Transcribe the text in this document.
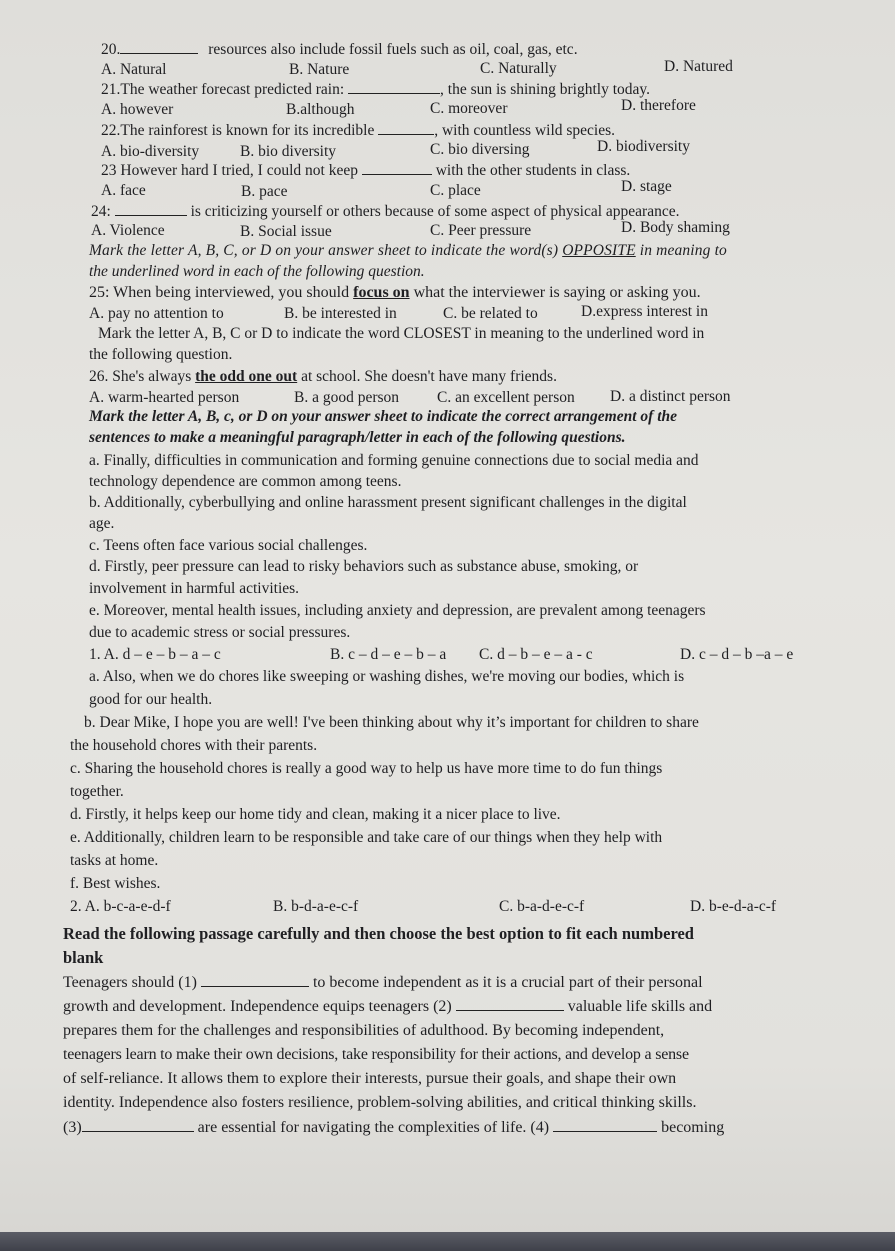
20.	resources also include fossil fuels such as oil, coal, gas, etc.
A. Natural	B. Nature	C. Naturally	D. Natured
21.The weather forecast predicted rain:	, the sun is shining brightly today.
A. however	B.although	C. moreover	D. therefore
22.The rainforest is known for its incredible	, with countless wild species.
A. bio-diversity	B. bio diversity	C. bio diversing	D. biodiversity
23 However hard I tried, I could not keep	with the other students in class.
A. face	B. pace	C. place	D. stage
24:	is criticizing yourself or others because of some aspect of physical appearance.
A. Violence	B. Social issue	C. Peer pressure	D. Body shaming
Mark the letter A, B, C, or D on your answer sheet to indicate the word(s) OPPOSITE in meaning to
the underlined word in each of the following question.
25: When being interviewed, you should focus on what the interviewer is saying or asking you.
A. pay no attention to	B. be interested in	C. be related to	D.express interest in
Mark the letter A, B, C or D to indicate the word CLOSEST in meaning to the underlined word in
the following question.
26. She's always the odd one out at school. She doesn't have many friends.
A. warm-hearted person	B. a good person C. an excellent person D. a distinct person
Mark the letter A, B, c, or D on your answer sheet to indicate the correct arrangement of the
sentences to make a meaningful paragraph/letter in each of the following questions.
a. Finally, difficulties in communication and forming genuine connections due to social media and
technology dependence are common among teens.
b. Additionally, cyberbullying and online harassment present significant challenges in the digital
age.
c. Teens often face various social challenges.
d. Firstly, peer pressure can lead to risky behaviors such as substance abuse, smoking, or
involvement in harmful activities.
e. Moreover, mental health issues, including anxiety and depression, are prevalent among teenagers
due to academic stress or social pressures.
1. A. d – e – b – a – c	B. c – d – e – b – a C. d – b – e – a - c	D. c – d – b –a – e
a. Also, when we do chores like sweeping or washing dishes, we're moving our bodies, which is
good for our health.
b. Dear Mike, I hope you are well! I've been thinking about why it’s important for children to share
the household chores with their parents.
c. Sharing the household chores is really a good way to help us have more time to do fun things
together.
d. Firstly, it helps keep our home tidy and clean, making it a nicer place to live.
e. Additionally, children learn to be responsible and take care of our things when they help with
tasks at home.
f. Best wishes.
2. A. b-c-a-e-d-f	B. b-d-a-e-c-f	C. b-a-d-e-c-f	D. b-e-d-a-c-f
Read the following passage carefully and then choose the best option to fit each numbered
blank
Teenagers should (1)	to become independent as it is a crucial part of their personal
growth and development. Independence equips teenagers (2)	valuable life skills and
prepares them for the challenges and responsibilities of adulthood. By becoming independent,
teenagers learn to make their own decisions, take responsibility for their actions, and develop a sense
of self-reliance. It allows them to explore their interests, pursue their goals, and shape their own
identity. Independence also fosters resilience, problem-solving abilities, and critical thinking skills.
(3)	are essential for navigating the complexities of life. (4)	becoming
